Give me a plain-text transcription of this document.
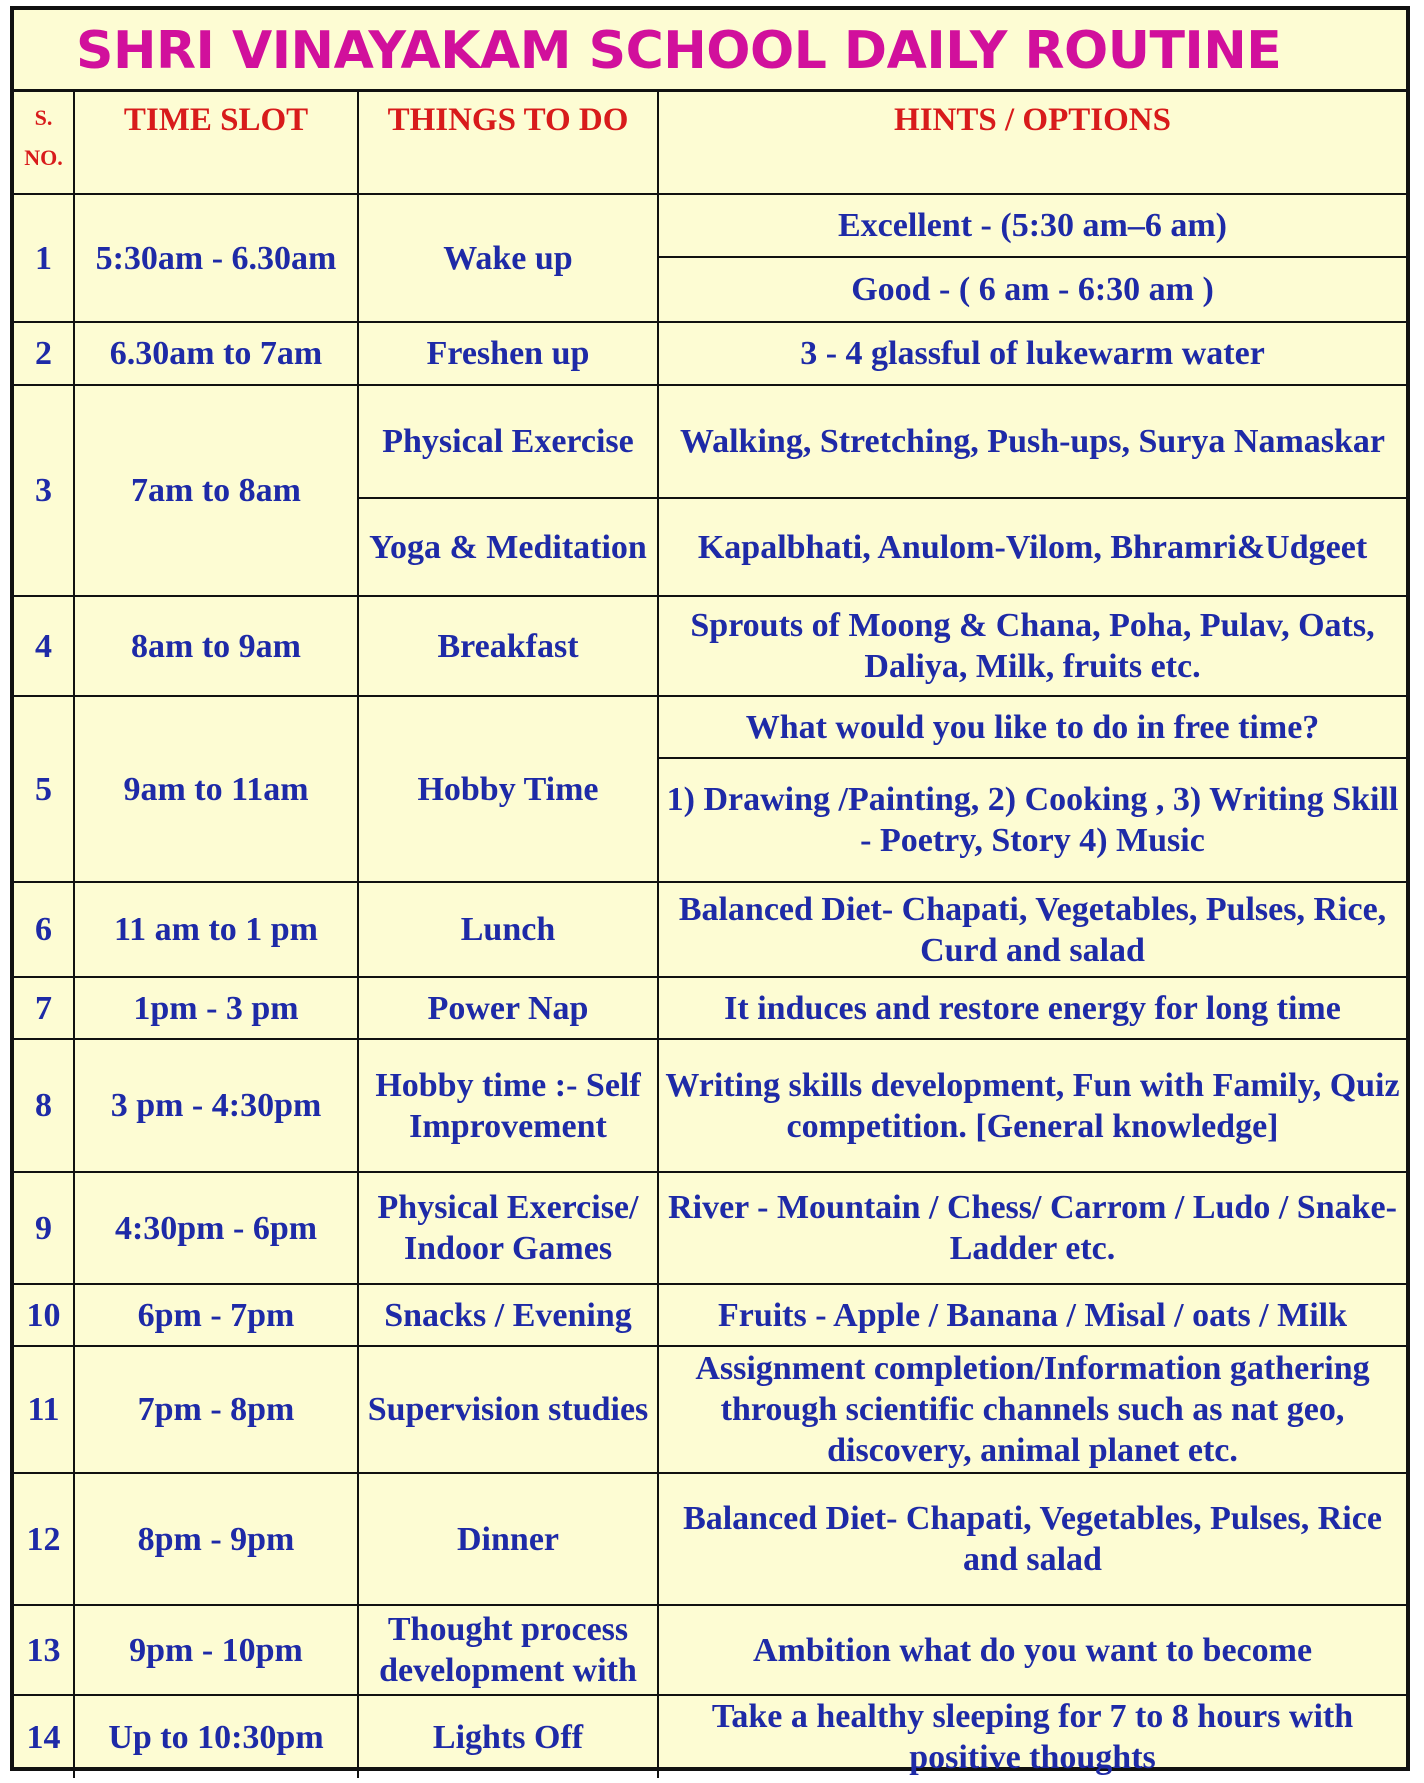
SHRI VINAYAKAM SCHOOL DAILY ROUTINE
S.
NO.	TIME SLOT	THINGS TO DO	HINTS / OPTIONS
1	5:30am - 6.30am	Wake up	Excellent - (5:30 am–6 am)
			Good - ( 6 am - 6:30 am )
2	6.30am to 7am	Freshen up	3 - 4 glassful of lukewarm water
3	7am to 8am	Physical Exercise	Walking, Stretching, Push-ups, Surya Namaskar
		Yoga & Meditation	Kapalbhati, Anulom-Vilom, Bhramri&Udgeet
4	8am to 9am	Breakfast	Sprouts of Moong & Chana, Poha, Pulav, Oats, Daliya, Milk, fruits etc.
5	9am to 11am	Hobby Time	What would you like to do in free time?
			1) Drawing /Painting, 2) Cooking , 3) Writing Skill - Poetry, Story 4) Music
6	11 am to 1 pm	Lunch	Balanced Diet- Chapati, Vegetables, Pulses, Rice, Curd and salad
7	1pm - 3 pm	Power Nap	It induces and restore energy for long time
8	3 pm - 4:30pm	Hobby time :- Self Improvement	Writing skills development, Fun with Family, Quiz competition. [General knowledge]
9	4:30pm - 6pm	Physical Exercise/ Indoor Games	River - Mountain / Chess/ Carrom / Ludo / Snake- Ladder etc.
10	6pm - 7pm	Snacks / Evening	Fruits - Apple / Banana / Misal / oats / Milk
11	7pm - 8pm	Supervision studies	Assignment completion/Information gathering through scientific channels such as nat geo, discovery, animal planet etc.
12	8pm - 9pm	Dinner	Balanced Diet- Chapati, Vegetables, Pulses, Rice and salad
13	9pm - 10pm	Thought process development with	Ambition what do you want to become
14	Up to 10:30pm	Lights Off	Take a healthy sleeping for 7 to 8 hours with positive thoughts
